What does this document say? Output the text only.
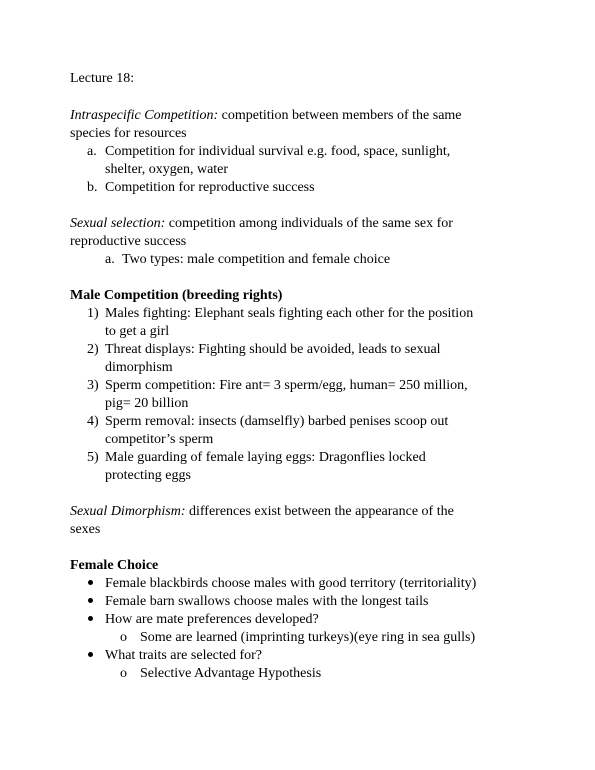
Lecture 18:
Intraspecific Competition: competition between members of the same
species for resources
a. Competition for individual survival e.g. food, space, sunlight,
shelter, oxygen, water
b. Competition for reproductive success
Sexual selection: competition among individuals of the same sex for
reproductive success
a. Two types: male competition and female choice
Male Competition (breeding rights)
1) Males fighting: Elephant seals fighting each other for the position
to get a girl
2) Threat displays: Fighting should be avoided, leads to sexual
dimorphism
3) Sperm competition: Fire ant= 3 sperm/egg, human= 250 million,
pig= 20 billion
4) Sperm removal: insects (damselfly) barbed penises scoop out
competitor’s sperm
5) Male guarding of female laying eggs: Dragonflies locked
protecting eggs
Sexual Dimorphism: differences exist between the appearance of the
sexes
Female Choice
Female blackbirds choose males with good territory (territoriality)
Female barn swallows choose males with the longest tails
How are mate preferences developed?
o Some are learned (imprinting turkeys)(eye ring in sea gulls)
What traits are selected for?
o Selective Advantage Hypothesis
